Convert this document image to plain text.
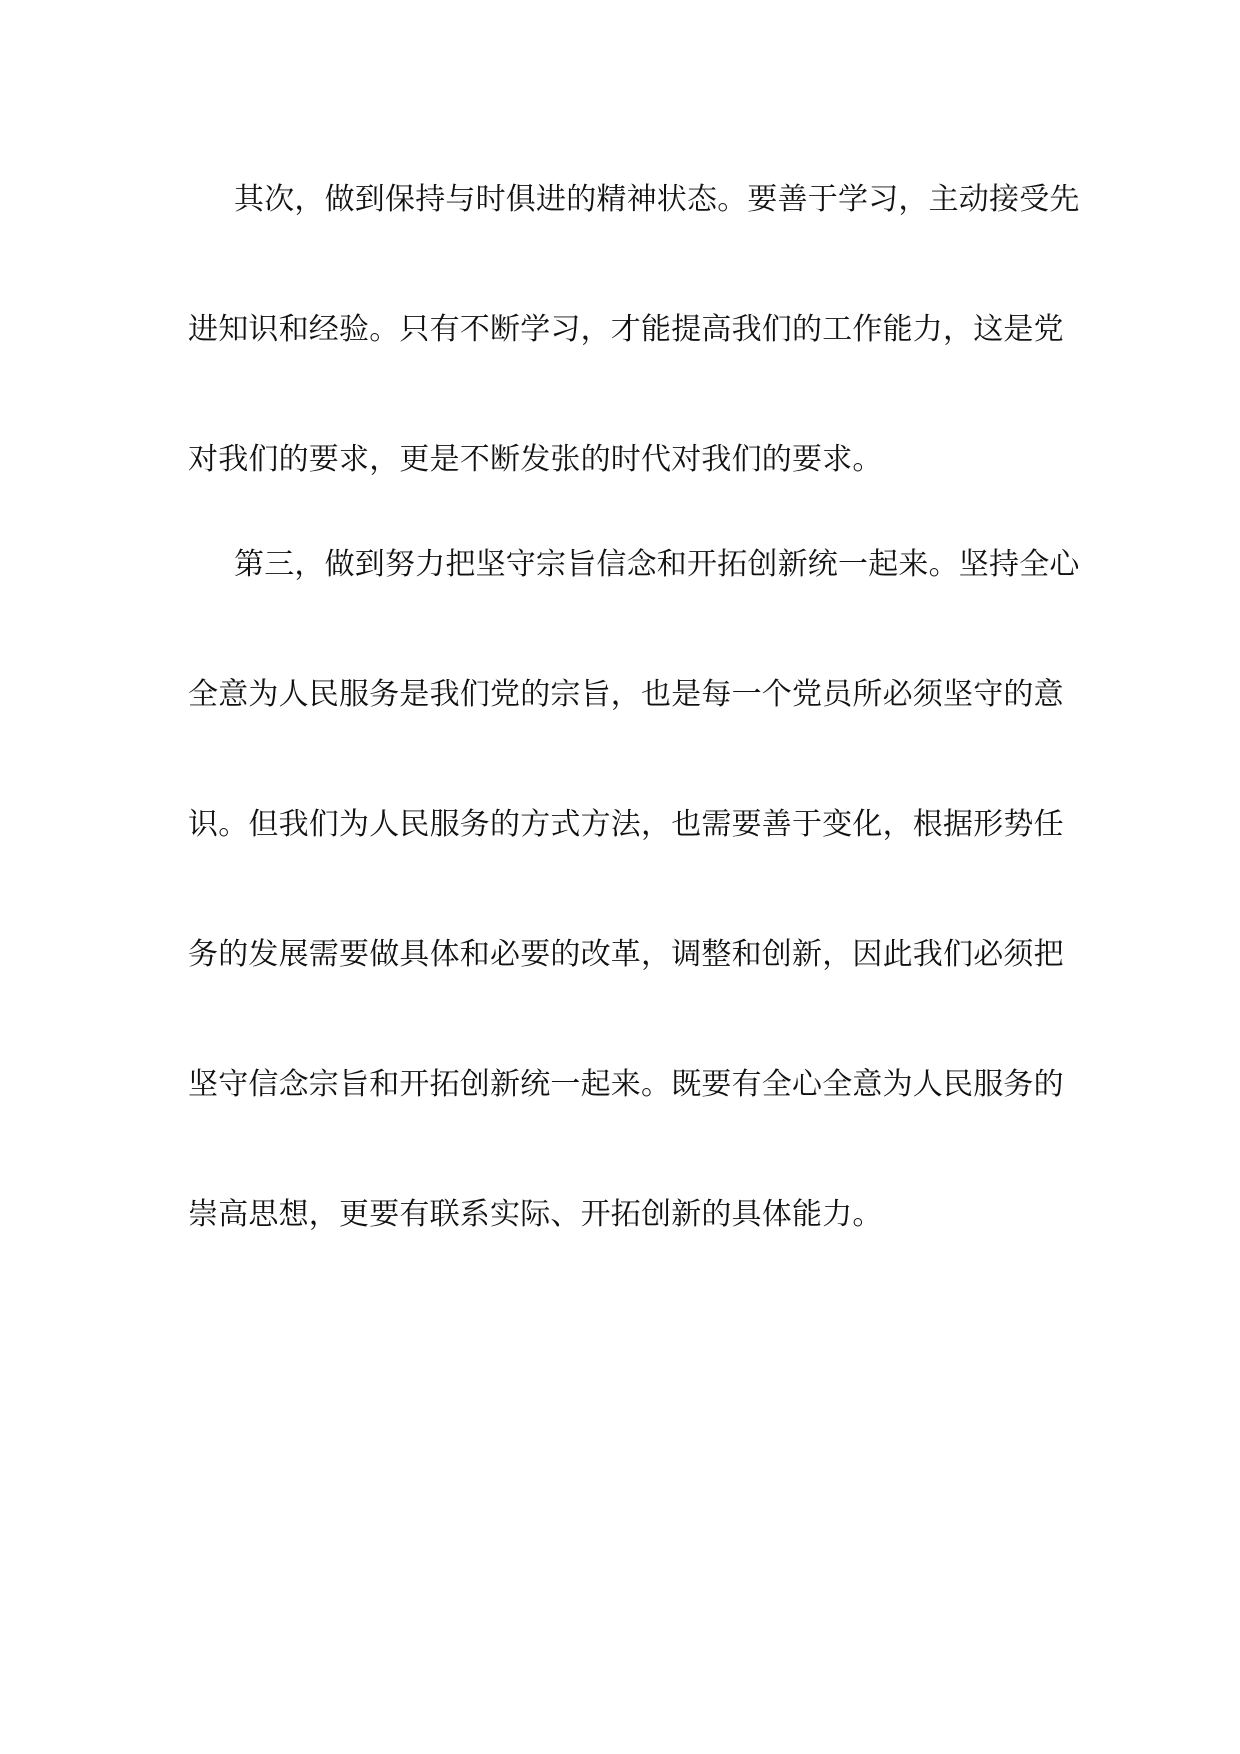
其次，做到保持与时俱进的精神状态。要善于学习，主动接受先
进知识和经验。只有不断学习，才能提高我们的工作能力，这是党
对我们的要求，更是不断发张的时代对我们的要求。
第三，做到努力把坚守宗旨信念和开拓创新统一起来。坚持全心
全意为人民服务是我们党的宗旨，也是每一个党员所必须坚守的意
识。但我们为人民服务的方式方法，也需要善于变化，根据形势任
务的发展需要做具体和必要的改革，调整和创新，因此我们必须把
坚守信念宗旨和开拓创新统一起来。既要有全心全意为人民服务的
崇高思想，更要有联系实际、开拓创新的具体能力。
